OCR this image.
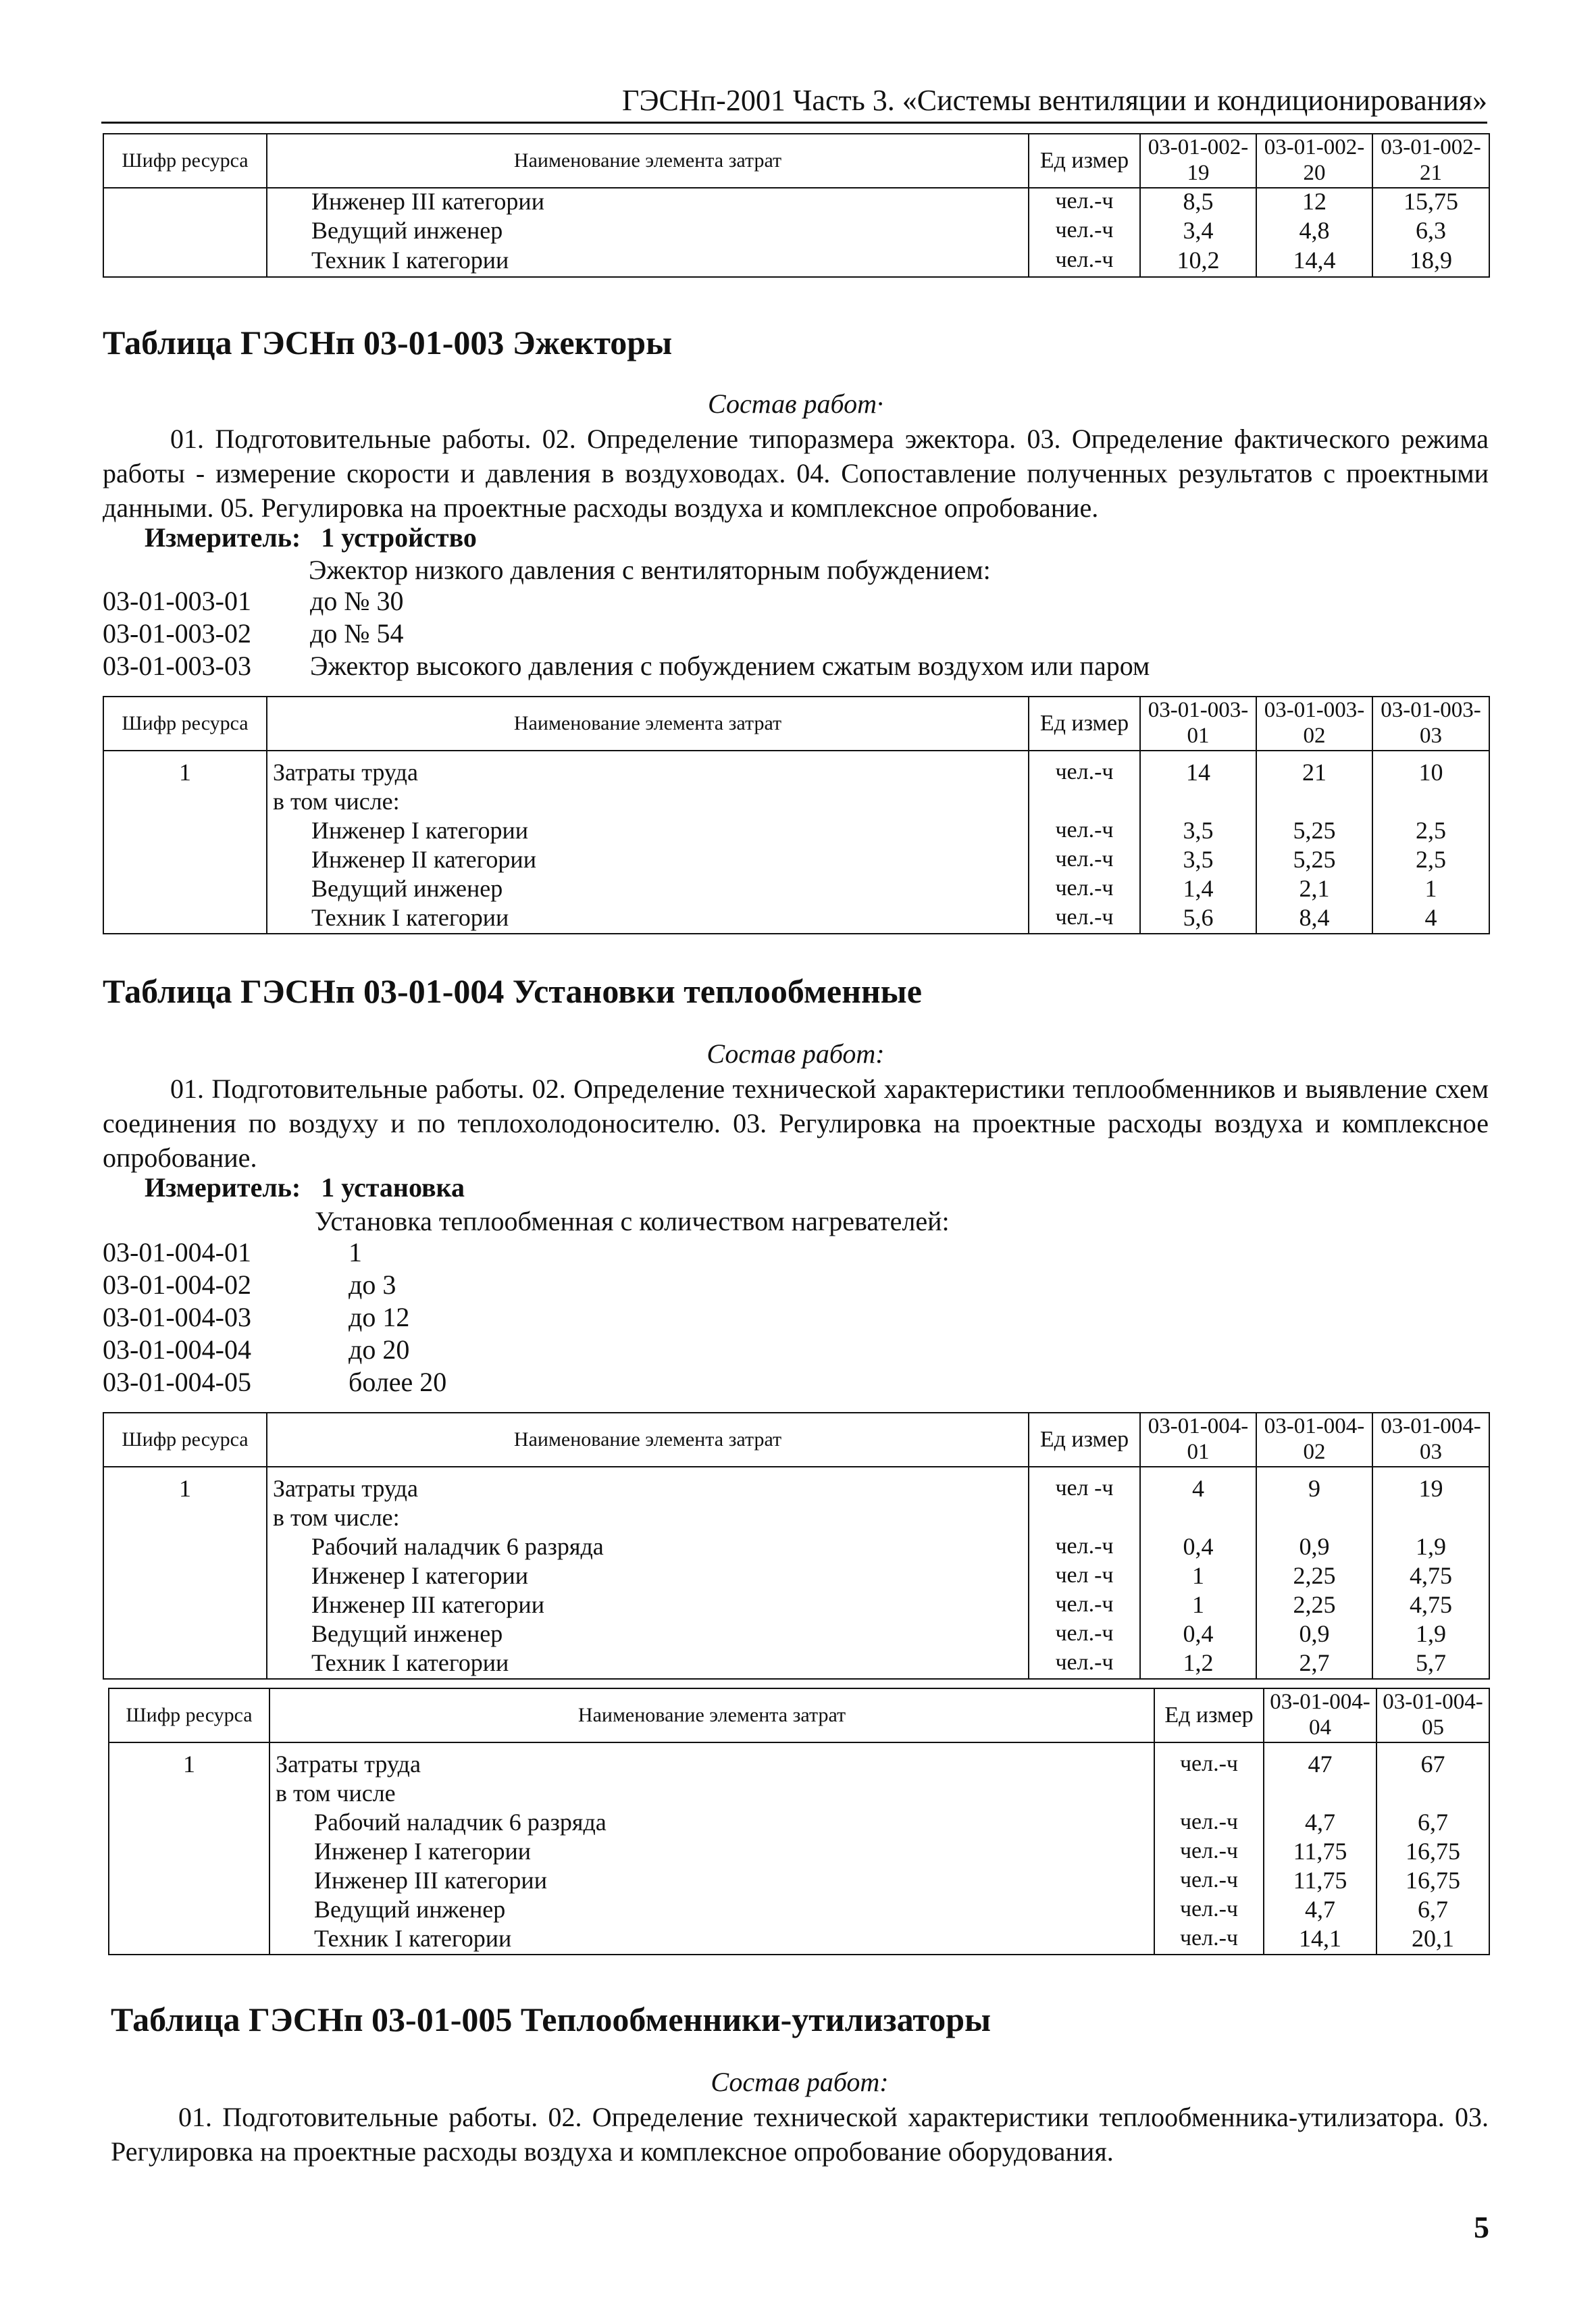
ГЭСНп-2001 Часть 3. «Системы вентиляции и кондиционирования»
Шифр ресурса	Наименование элемента затрат	Ед измер	03-01-002-19	03-01-002-20	03-01-002-21
	Инженер III категории	чел.-ч	8,5	12	15,75
	Ведущий инженер	чел.-ч	3,4	4,8	6,3
	Техник I категории	чел.-ч	10,2	14,4	18,9
Таблица ГЭСНп 03-01-003 Эжекторы
Состав работ·
01. Подготовительные работы. 02. Определение типоразмера эжектора. 03. Определение фактического режима работы - измерение скорости и давления в воздуховодах. 04. Сопоставление полученных результатов с проектными данными. 05. Регулировка на проектные расходы воздуха и комплексное опробование.
Измеритель:   1 устройство
Эжектор низкого давления с вентиляторным побуждением:
03-01-003-01 до № 30
03-01-003-02 до № 54
03-01-003-03 Эжектор высокого давления с побуждением сжатым воздухом или паром
Шифр ресурса	Наименование элемента затрат	Ед измер	03-01-003-01	03-01-003-02	03-01-003-03

1	Затраты труда	чел.-ч	14	21	10
	в том числе:				
	Инженер I категории	чел.-ч	3,5	5,25	2,5
	Инженер II категории	чел.-ч	3,5	5,25	2,5
	Ведущий инженер	чел.-ч	1,4	2,1	1
	Техник I категории	чел.-ч	5,6	8,4	4
Таблица ГЭСНп 03-01-004 Установки теплообменные
Состав работ:
01. Подготовительные работы. 02. Определение технической характеристики теплообменников и выявление схем соединения по воздуху и по теплохолодоносителю. 03. Регулировка на проектные расходы воздуха и комплексное опробование.
Измеритель:   1 установка
Установка теплообменная с количеством нагревателей:
03-01-004-01	1
03-01-004-02	до 3
03-01-004-03	до 12
03-01-004-04	до 20
03-01-004-05	более 20
Шифр ресурса	Наименование элемента затрат	Ед измер	03-01-004-01	03-01-004-02	03-01-004-03

1	Затраты труда	чел -ч	4	9	19
	в том числе:				
	Рабочий наладчик 6 разряда	чел.-ч	0,4	0,9	1,9
	Инженер I категории	чел -ч	1	2,25	4,75
	Инженер III категории	чел.-ч	1	2,25	4,75
	Ведущий инженер	чел.-ч	0,4	0,9	1,9
	Техник I категории	чел.-ч	1,2	2,7	5,7
Шифр ресурса	Наименование элемента затрат	Ед измер	03-01-004-04	03-01-004-05

1	Затраты труда	чел.-ч	47	67
	в том числе			
	Рабочий наладчик 6 разряда	чел.-ч	4,7	6,7
	Инженер I категории	чел.-ч	11,75	16,75
	Инженер III категории	чел.-ч	11,75	16,75
	Ведущий инженер	чел.-ч	4,7	6,7
	Техник I категории	чел.-ч	14,1	20,1
Таблица ГЭСНп 03-01-005 Теплообменники-утилизаторы
Состав работ:
01. Подготовительные работы. 02. Определение технической характеристики теплообменника-утилизатора. 03. Регулировка на проектные расходы воздуха и комплексное опробование оборудования.
5
